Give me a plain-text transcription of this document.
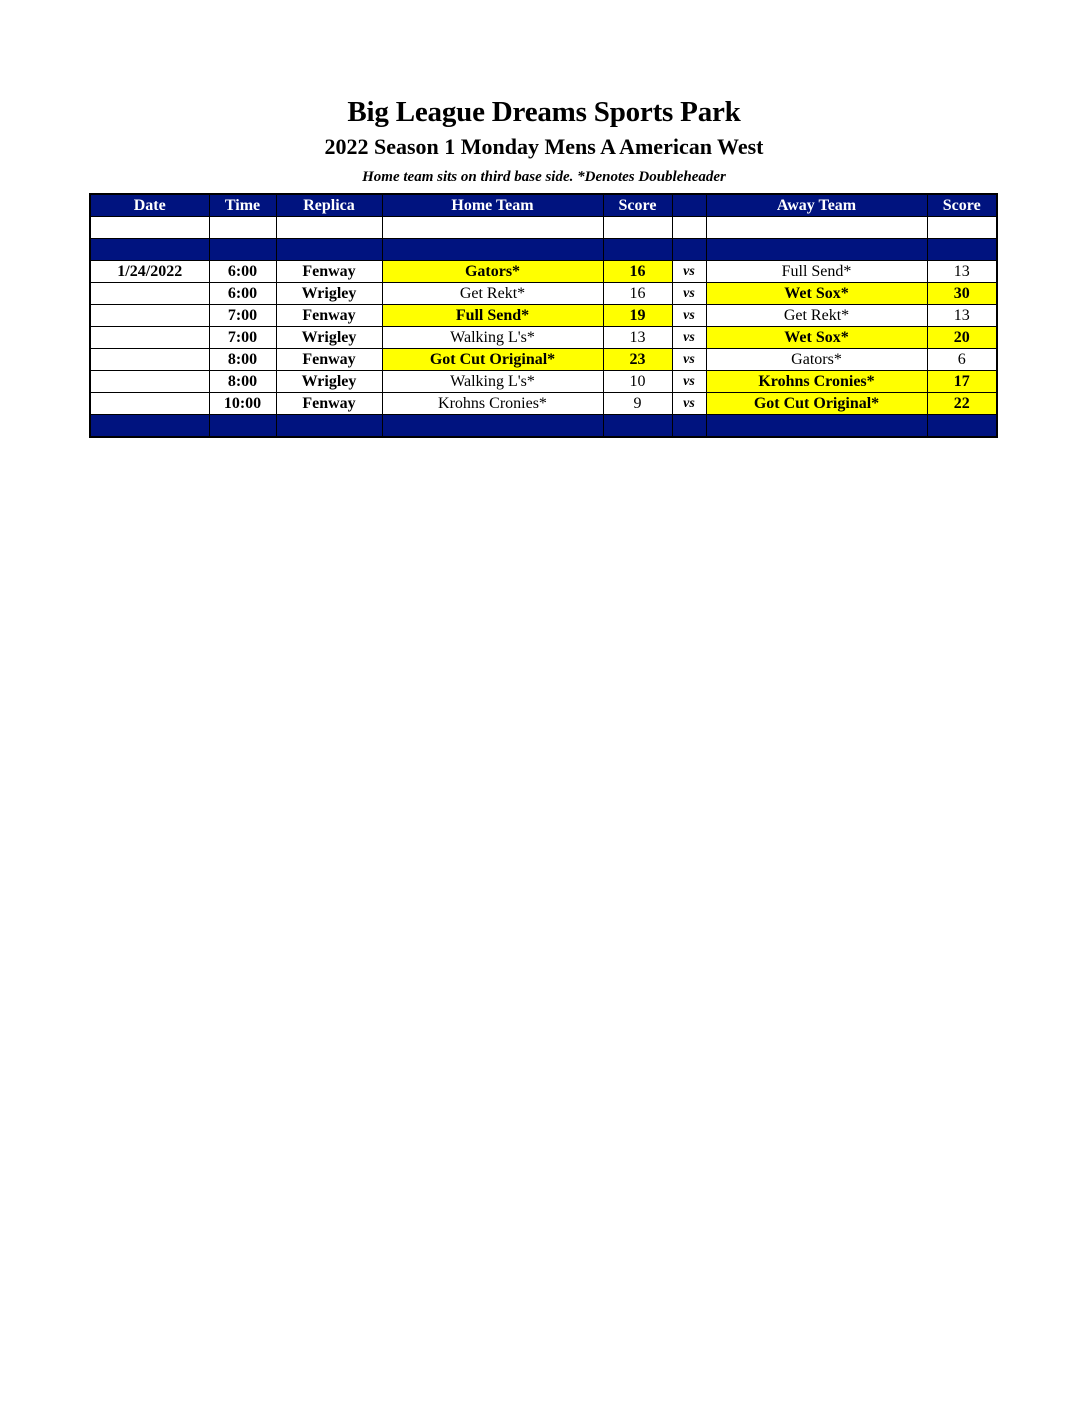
Big League Dreams Sports Park
2022 Season 1 Monday Mens A American West
Home team sits on third base side. *Denotes Doubleheader
Date	Time	Replica	Home Team	Score		Away Team	Score

1/24/2022	6:00	Fenway	Gators*	16	vs	Full Send*	13
	6:00	Wrigley	Get Rekt*	16	vs	Wet Sox*	30
	7:00	Fenway	Full Send*	19	vs	Get Rekt*	13
	7:00	Wrigley	Walking L's*	13	vs	Wet Sox*	20
	8:00	Fenway	Got Cut Original*	23	vs	Gators*	6
	8:00	Wrigley	Walking L's*	10	vs	Krohns Cronies*	17
	10:00	Fenway	Krohns Cronies*	9	vs	Got Cut Original*	22
